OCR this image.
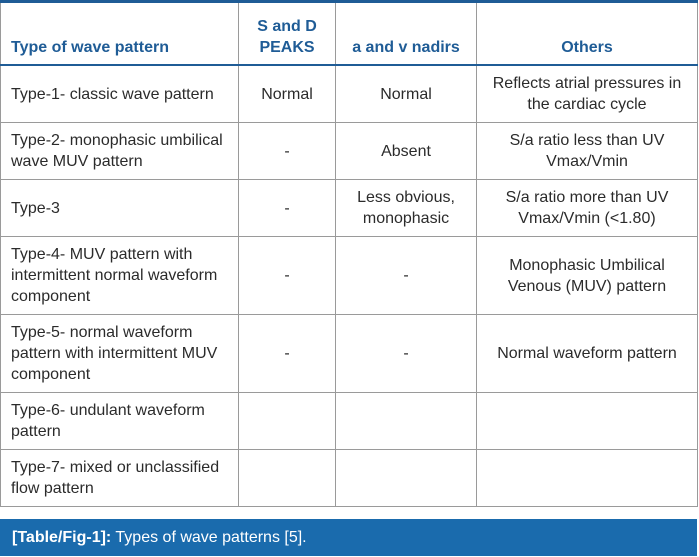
Type of wave pattern	S and D PEAKS	a and v nadirs	Others
Type-1- classic wave pattern	Normal	Normal	Reflects atrial pressures in the cardiac cycle
Type-2- monophasic umbilical wave MUV pattern	-	Absent	S/a ratio less than UV Vmax/Vmin
Type-3	-	Less obvious, monophasic	S/a ratio more than UV Vmax/Vmin (<1.80)
Type-4- MUV pattern with intermittent normal waveform component	-	-	Monophasic Umbilical Venous (MUV) pattern
Type-5- normal waveform pattern with intermittent MUV component	-	-	Normal waveform pattern
Type-6- undulant waveform pattern			
Type-7- mixed or unclassified flow pattern			
[Table/Fig-1]: Types of wave patterns [5].
